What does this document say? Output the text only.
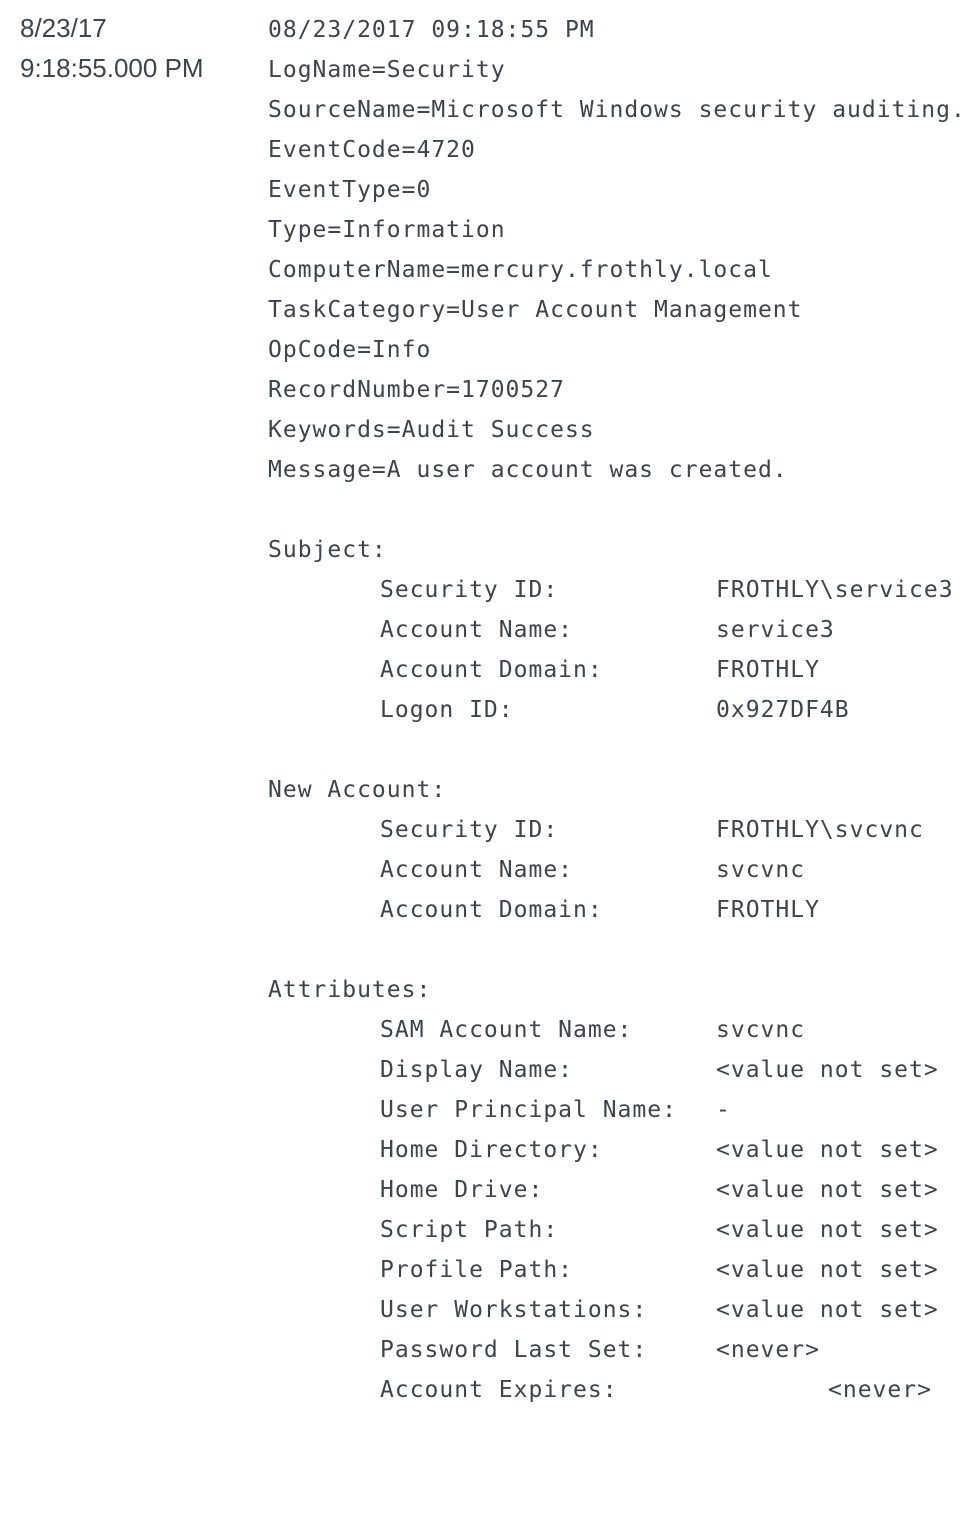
8/23/17
9:18:55.000 PM
08/23/2017 09:18:55 PM
LogName=Security
SourceName=Microsoft Windows security auditing.
EventCode=4720
EventType=0
Type=Information
ComputerName=mercury.frothly.local
TaskCategory=User Account Management
OpCode=Info
RecordNumber=1700527
Keywords=Audit Success
Message=A user account was created.
Subject:

Security ID:

	FROTHLY\service3

Account Name:

	service3

Account Domain:

	FROTHLY

Logon ID:

	0x927DF4B

New Account:

Security ID:

	FROTHLY\svcvnc

Account Name:

	svcvnc

Account Domain:

	FROTHLY

Attributes:

SAM Account Name:

	svcvnc

Display Name:

	<value not set>

User Principal Name:

-

Home Directory:

	<value not set>

Home Drive:

	<value not set>

Script Path:

	<value not set>

Profile Path:

	<value not set>

User Workstations:

	<value not set>

Password Last Set:

	<never>

Account Expires:

	<never>
